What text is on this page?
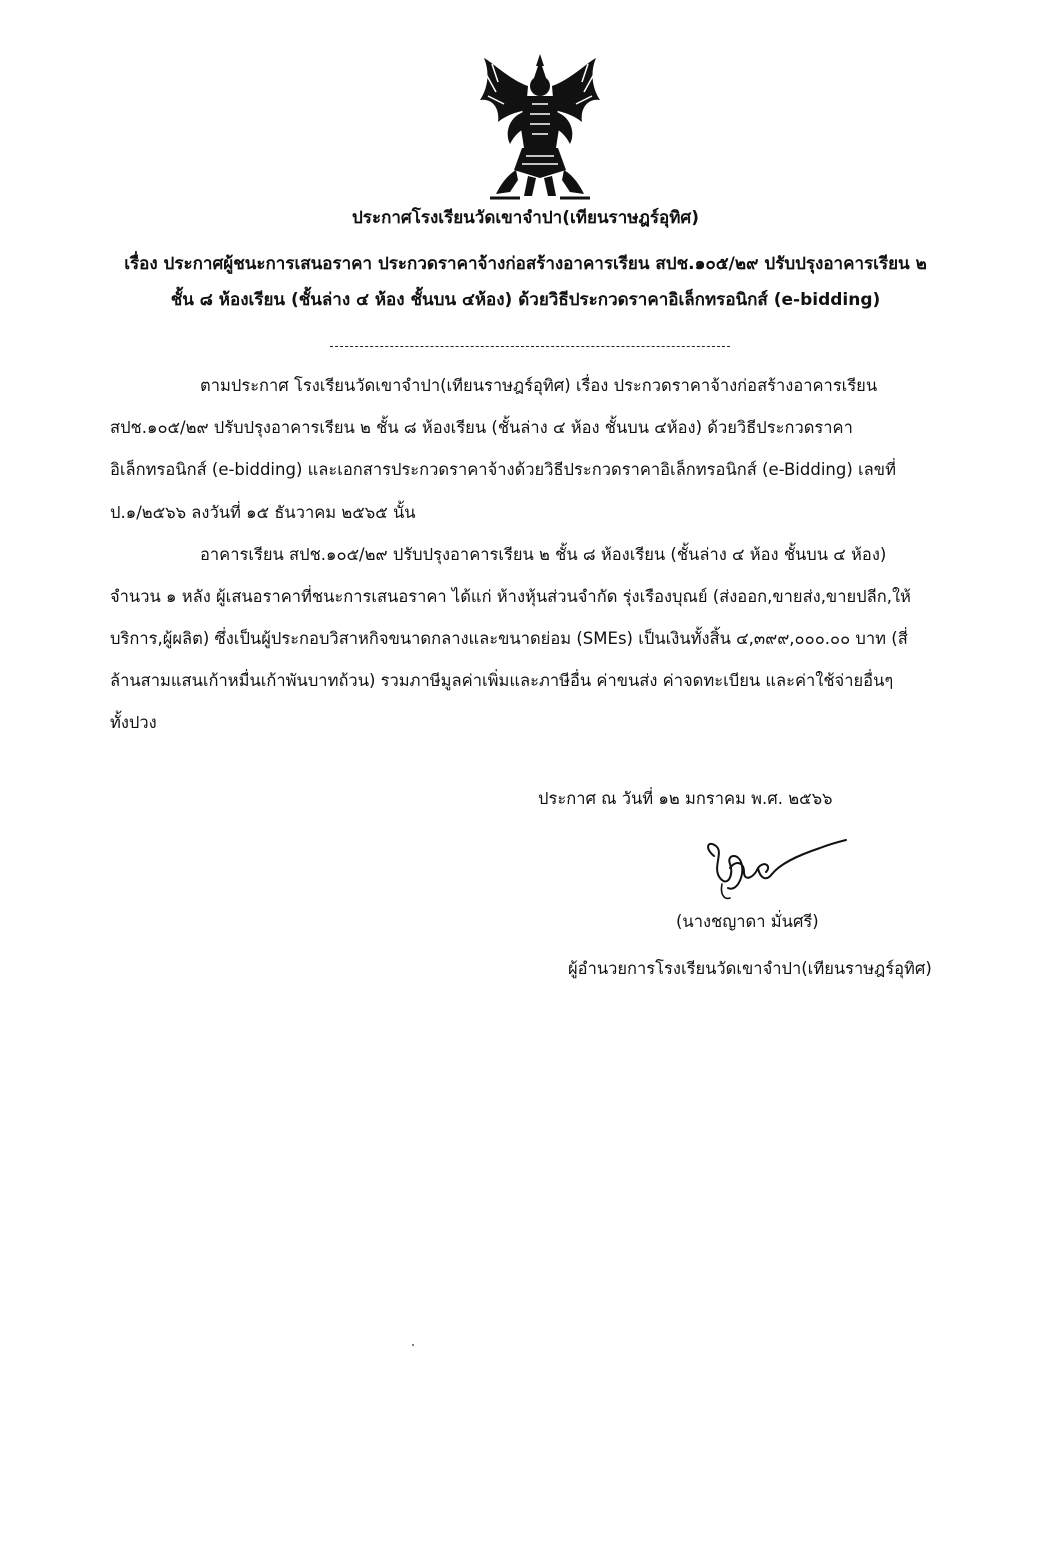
ประกาศโรงเรียนวัดเขาจำปา(เทียนราษฎร์อุทิศ)
เรื่อง ประกาศผู้ชนะการเสนอราคา ประกวดราคาจ้างก่อสร้างอาคารเรียน สปช.๑๐๕/๒๙ ปรับปรุงอาคารเรียน ๒
ชั้น ๘ ห้องเรียน (ชั้นล่าง ๔ ห้อง ชั้นบน ๔ห้อง) ด้วยวิธีประกวดราคาอิเล็กทรอนิกส์ (e-bidding)
ตามประกาศ โรงเรียนวัดเขาจำปา(เทียนราษฎร์อุทิศ) เรื่อง ประกวดราคาจ้างก่อสร้างอาคารเรียน
สปช.๑๐๕/๒๙ ปรับปรุงอาคารเรียน ๒ ชั้น ๘ ห้องเรียน (ชั้นล่าง ๔ ห้อง ชั้นบน ๔ห้อง) ด้วยวิธีประกวดราคา
อิเล็กทรอนิกส์ (e-bidding) และเอกสารประกวดราคาจ้างด้วยวิธีประกวดราคาอิเล็กทรอนิกส์ (e-Bidding) เลขที่
ป.๑/๒๕๖๖ ลงวันที่ ๑๕ ธันวาคม ๒๕๖๕ นั้น
อาคารเรียน สปช.๑๐๕/๒๙ ปรับปรุงอาคารเรียน ๒ ชั้น ๘ ห้องเรียน (ชั้นล่าง ๔ ห้อง ชั้นบน ๔ ห้อง)
จำนวน ๑ หลัง ผู้เสนอราคาที่ชนะการเสนอราคา ได้แก่ ห้างหุ้นส่วนจำกัด รุ่งเรืองบุณย์ (ส่งออก,ขายส่ง,ขายปลีก,ให้
บริการ,ผู้ผลิต) ซึ่งเป็นผู้ประกอบวิสาหกิจขนาดกลางและขนาดย่อม (SMEs) เป็นเงินทั้งสิ้น ๔,๓๙๙,๐๐๐.๐๐ บาท (สี่
ล้านสามแสนเก้าหมื่นเก้าพันบาทถ้วน) รวมภาษีมูลค่าเพิ่มและภาษีอื่น ค่าขนส่ง ค่าจดทะเบียน และค่าใช้จ่ายอื่นๆ
ทั้งปวง
ประกาศ ณ วันที่ ๑๒ มกราคม พ.ศ. ๒๕๖๖
(นางชญาดา มั่นศรี)
ผู้อำนวยการโรงเรียนวัดเขาจำปา(เทียนราษฎร์อุทิศ)
